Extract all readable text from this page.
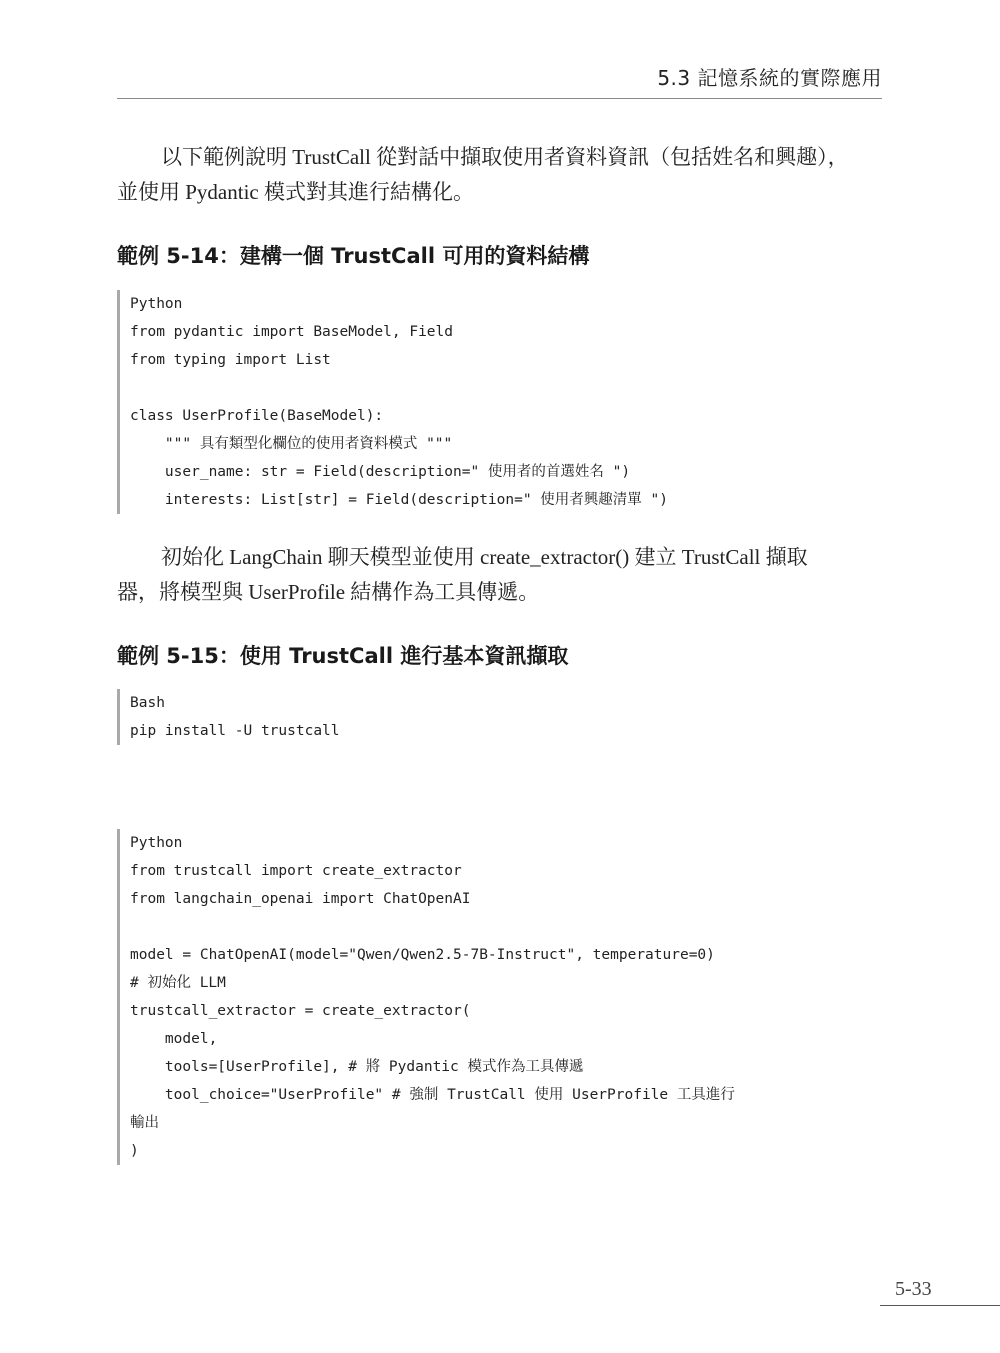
5.3 記憶系統的實際應用

以下範例說明 TrustCall 從對話中擷取使用者資料資訊（包括姓名和興趣），
並使用 Pydantic 模式對其進行結構化。

範例 5-14：建構一個 TrustCall 可用的資料結構
Python
from pydantic import BaseModel, Field
from typing import List
class UserProfile(BaseModel):
""" 具有類型化欄位的使用者資料模式 """
user_name: str = Field(description=" 使用者的首選姓名 ")
interests: List[str] = Field(description=" 使用者興趣清單 ")

初始化 LangChain 聊天模型並使用 create_extractor() 建立 TrustCall 擷取
器，將模型與 UserProfile 結構作為工具傳遞。

範例 5-15：使用 TrustCall 進行基本資訊擷取
Bash
pip install -U trustcall
Python
from trustcall import create_extractor
from langchain_openai import ChatOpenAI
model = ChatOpenAI(model="Qwen/Qwen2.5-7B-Instruct", temperature=0)
# 初始化 LLM
trustcall_extractor = create_extractor(
model,
tools=[UserProfile], # 將 Pydantic 模式作為工具傳遞
tool_choice="UserProfile" # 強制 TrustCall 使用 UserProfile 工具進行
輸出
)
5-33
